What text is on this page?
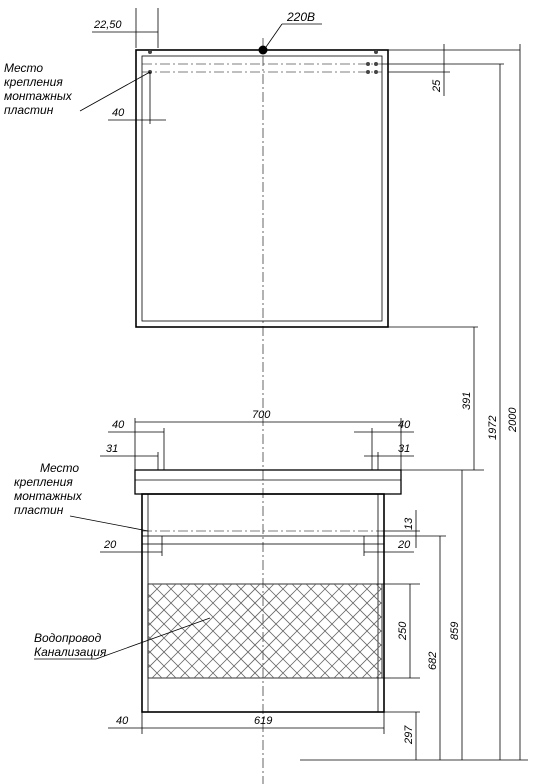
220В
22,50
Место
крепления
монтажных
пластин	40
25
391
1972 2000
859
682
297
700
40	40
31	31
Место
крепления
монтажных
пластин
13
20	20
Водопровод
Канализация
250
40	619
